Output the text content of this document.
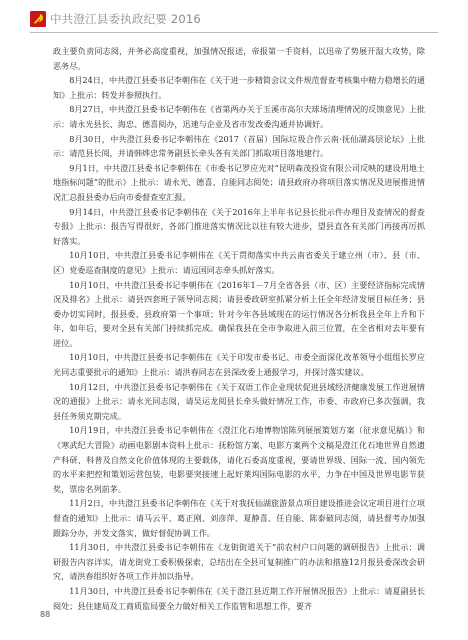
中共澄江县委执政纪要 2016

政主要负责同志阅，并务必高度重视，加强情况报送，帝报第一手资料，以迅帝了势展开湿大攻势，除恶务尽。

8月24日，中共澄江县委书记李朝伟在《关于进一步精简会议文件规范督查考核集中精力稳增长的通知》上批示：转发并参照执行。

8月27日，中共澄江县委书记李朝伟在《省第两办关于玉溪市高尔夫球场清理情况的反馈意见》上批示：请永光县长、海忠、德喜阅办，迅速与企业及省市发改委沟通并协调好。

8月30日，中共澄江县委书记李朝伟在《2017（首届）国际垃圾合作云南·抚仙湖高层论坛》上批示：请范县长阅，并请韩烨忠常务副县长牵头各有关部门抓取项目落地建行。

9月1日，中共澄江县委书记李朝伟在《市委书记罗应光对“昆明森茂投资有限公司反映的建设用地土地指标问题”的批示》上批示：请永光、德喜、自能同志阅处；请县政府办将项目落实情况及进展推进情况汇总报县委办后向市委督查室汇报。

9月14日，中共澄江县委书记李朝伟在《关于2016年上半年书记县长批示件办理目及查情况的督查专报》上批示：报告写得很好，各部门推进落实情况比以往有较大进步，望县直各有关部门再接再厉抓好落实。

10月10日，中共澄江县委书记李朝伟在《关于贯彻落实中共云南省委关于建立州（市）、县（市、区）党委巡查制度的意见》上批示：请远国同志牵头抓好落实。

10月10日，中共澄江县委书记李朝伟在《2016年1－7月全省各县（市、区）主要经济指标完成情况及排名》上批示：请县四套班子领导同志阅；请县委政研室抓紧分析上任全年经济发展目标任务；县委办切实同时，报县委、县政府第一个事项；针对今年各县域现在的运行情况各分析我县全年上升和下年，如年后，要对全县有关部门持续抓完成。确保我县在全市争取进入前三位置，在全省相对去年要有进位。

10月10日，中共澄江县委书记李朝伟在《关于印发市委书记、市委全面深化改革领导小组组长罗应光同志重要批示的通知》上批示：请洪春同志在县深改委上通报学习，并探讨落实建议。

10月12日，中共澄江县委书记李朝伟在《关于双语工作企业现状促进县域经济健康发展工作进展情况的通报》上批示：请永光同志阅，请吴运龙阅县长牵头做好情况工作，市委、市政府已多次强调，我县任务须克期完成。

10月19日，中共澄江县委书记李朝伟在《澄江化石地博物馆陈列展展策划方案（征求意见稿）》和《寒武纪大冒险》动画电影剧本资料上批示：抚粉馆方案、电影方案两个文稿是澄江化石地世界自然遗产科研、科普及自然文化价值体现的主要载体，请化石委高度重视，要请世界级、国际一流、国内领先的水平来把控和策划运营包装，电影要突接速上起好莱坞国际电影的水平，力争在中国及世界电影节获奖，票房名列前茅。

11月2日，中共澄江县委书记李朝伟在《关于对我抚仙湖旅游景点项目建设推进会议定项目进行立项督查的通知》上批示：请马云平、葛正刚、刘彦萍、夏静喜、任自能、陈泰破同志阅，请县督考办加强跟踪分办，并发文落实，做好督促协调工作。

11月30日，中共澄江县委书记李朝伟在《龙街街道关于“前农村户口问题的调研报告》上批示：调研报告内容详实，请龙街党工委积极探索，总结出在全县可复制推广的办法和措施12月报县委深改会研究，请洪春组织好各项工作并加以指导。

11月30日，中共澄江县委书记李朝伟在《关于澄江县近期工作开展情况报告》上批示：请夏副县长阅处；县住建局及工商质监局要全力做好相关工作监管和思想工作，要齐

88
